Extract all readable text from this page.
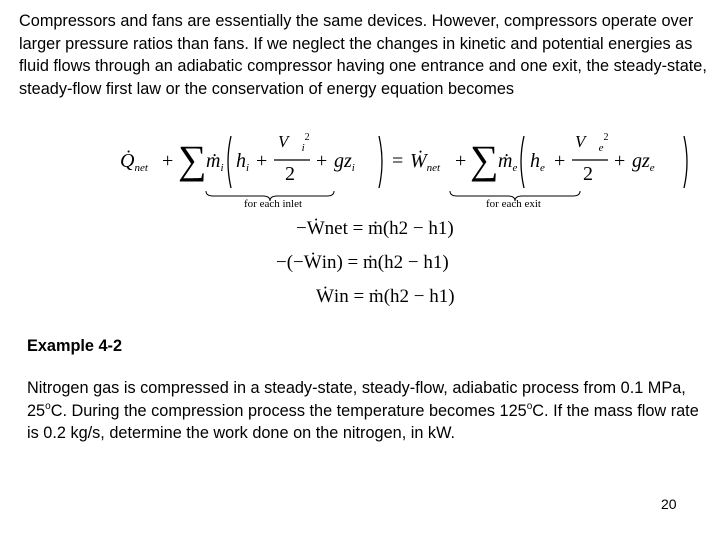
Compressors and fans are essentially the same devices. However, compressors operate over larger pressure ratios than fans. If we neglect the changes in kinetic and potential energies as fluid flows through an adiabatic compressor having one entrance and one exit, the steady-state, steady-flow first law or the conservation of energy equation becomes

$Q̇_{net}$ + ∑ $ṁ_i$ $h_i$ +
$V⃗_i^2$
2
+ $gz_i$ = $Ẇ_{net}$ + ∑ $ṁ_e$ $h_e$ +
$V⃗_e^2$
2
+ $gz_e$
for each inlet	for each exit
−Ẇnet = ṁ(h2 − h1)
−(−Ẇin) = ṁ(h2 − h1)
Ẇin = ṁ(h2 − h1)

Example 4-2

Nitrogen gas is compressed in a steady-state, steady-flow, adiabatic process from 0.1 MPa, 25$^o$C. During the compression process the temperature becomes 125$^o$C. If the mass flow rate is 0.2 kg/s, determine the work done on the nitrogen, in kW.

20
